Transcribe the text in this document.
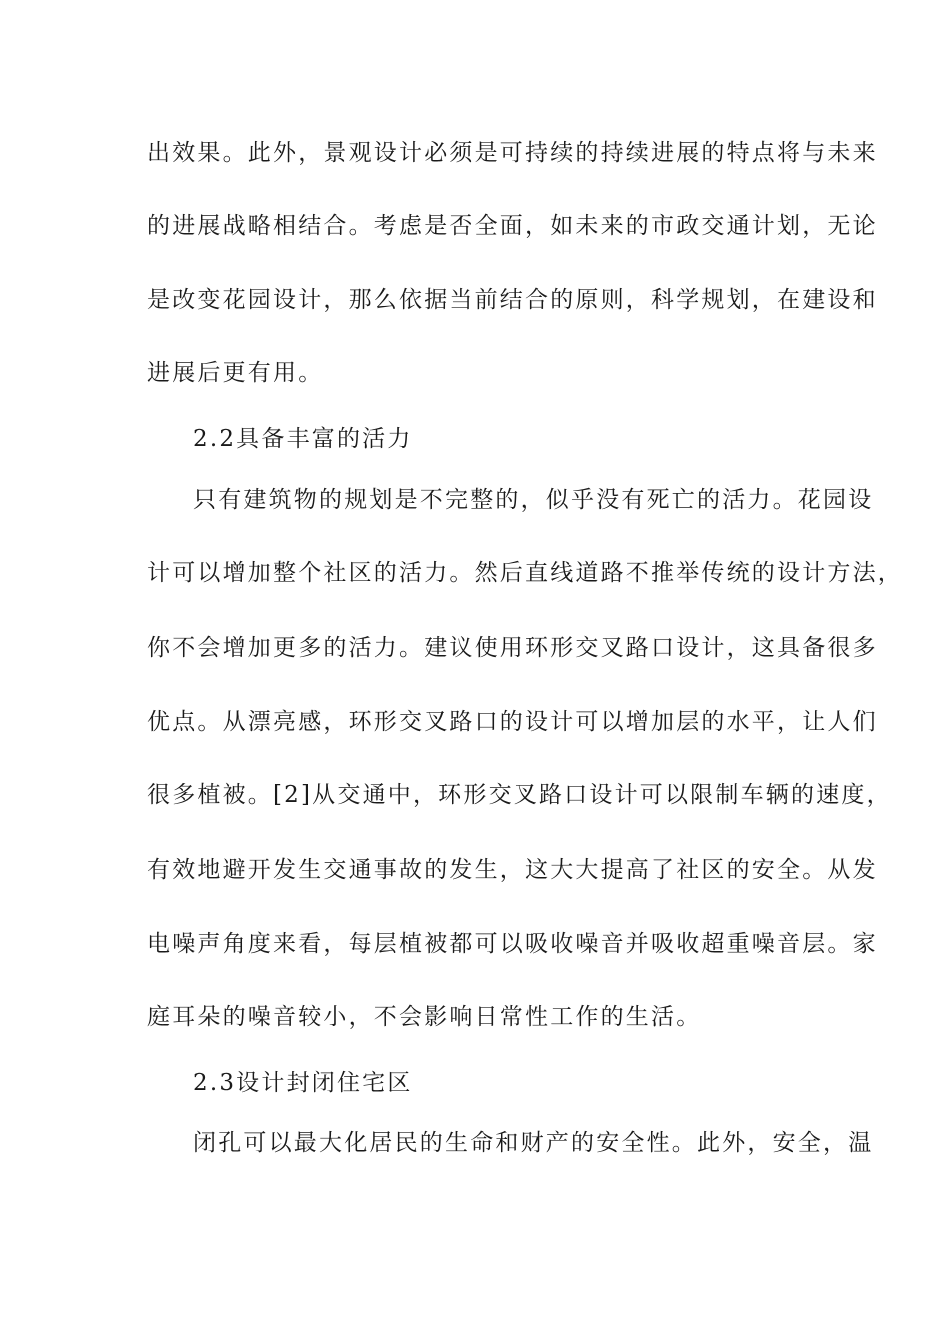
出效果。此外，景观设计必须是可持续的持续进展的特点将与未来
的进展战略相结合。考虑是否全面，如未来的市政交通计划，无论
是改变花园设计，那么依据当前结合的原则，科学规划，在建设和
进展后更有用。
2.2具备丰富的活力
只有建筑物的规划是不完整的，似乎没有死亡的活力。花园设
计可以增加整个社区的活力。然后直线道路不推举传统的设计方法，
你不会增加更多的活力。建议使用环形交叉路口设计，这具备很多
优点。从漂亮感，环形交叉路口的设计可以增加层的水平，让人们
很多植被。[2]从交通中，环形交叉路口设计可以限制车辆的速度，
有效地避开发生交通事故的发生，这大大提高了社区的安全。从发
电噪声角度来看，每层植被都可以吸收噪音并吸收超重噪音层。家
庭耳朵的噪音较小，不会影响日常性工作的生活。
2.3设计封闭住宅区
闭孔可以最大化居民的生命和财产的安全性。此外，安全，温
